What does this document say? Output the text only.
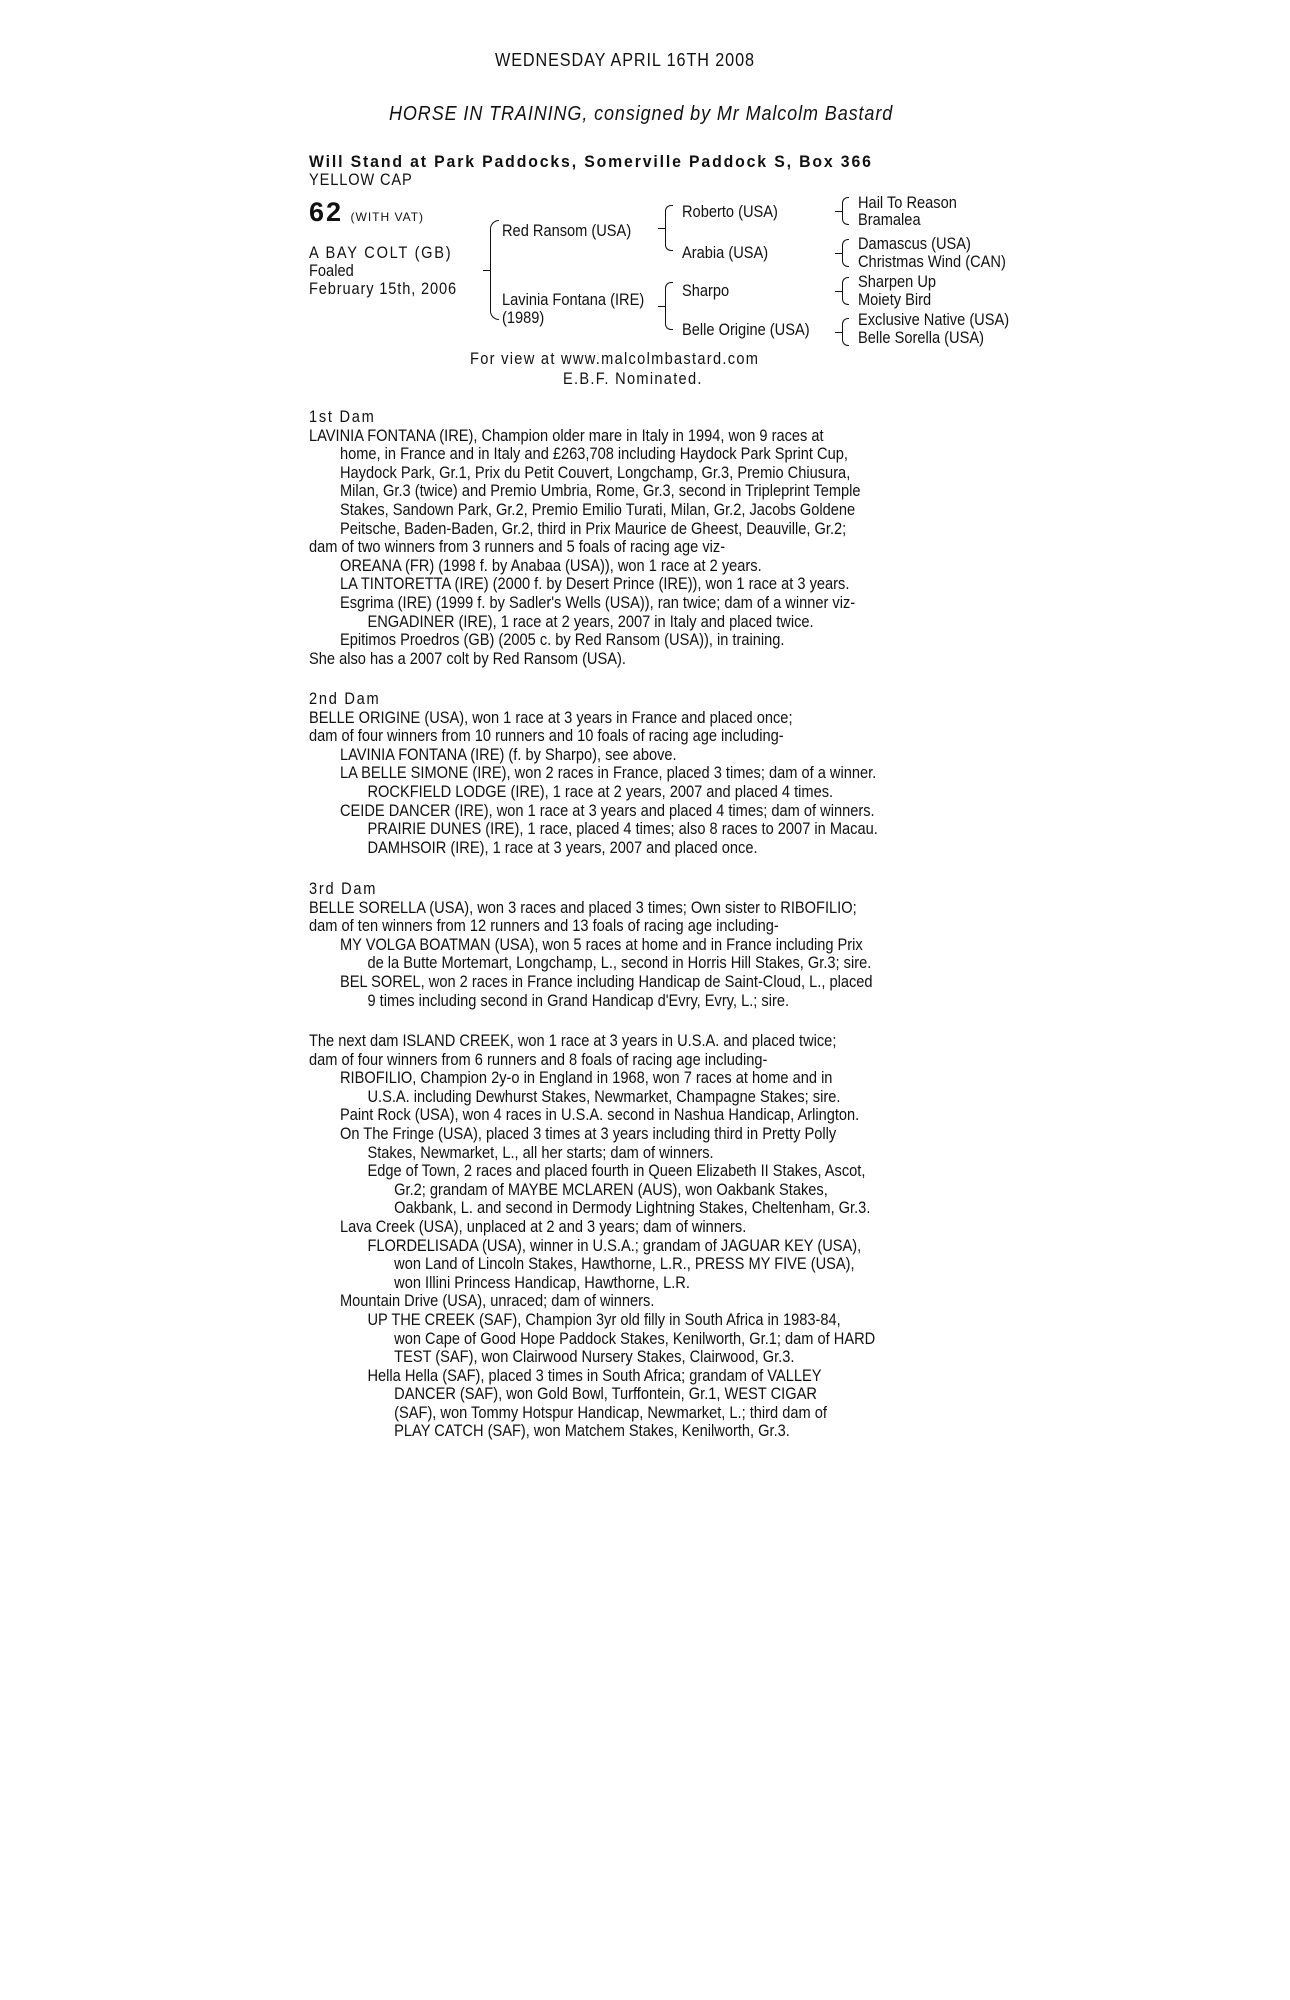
WEDNESDAY APRIL 16TH 2008
HORSE IN TRAINING, consigned by Mr Malcolm Bastard
Will Stand at Park Paddocks, Somerville Paddock S, Box 366
YELLOW CAP
62 (WITH VAT)
A BAY COLT (GB)
Foaled
February 15th, 2006
Red Ransom (USA)
Lavinia Fontana (IRE)
(1989)
Roberto (USA)
Arabia (USA)
Sharpo
Belle Origine (USA)
Hail To Reason
Bramalea
Damascus (USA)
Christmas Wind (CAN)
Sharpen Up
Moiety Bird
Exclusive Native (USA)
Belle Sorella (USA)
For view at www.malcolmbastard.com
E.B.F. Nominated.
1st Dam
LAVINIA FONTANA (IRE), Champion older mare in Italy in 1994, won 9 races at
home, in France and in Italy and £263,708 including Haydock Park Sprint Cup,
Haydock Park, Gr.1, Prix du Petit Couvert, Longchamp, Gr.3, Premio Chiusura,
Milan, Gr.3 (twice) and Premio Umbria, Rome, Gr.3, second in Tripleprint Temple
Stakes, Sandown Park, Gr.2, Premio Emilio Turati, Milan, Gr.2, Jacobs Goldene
Peitsche, Baden-Baden, Gr.2, third in Prix Maurice de Gheest, Deauville, Gr.2;
dam of two winners from 3 runners and 5 foals of racing age viz-
OREANA (FR) (1998 f. by Anabaa (USA)), won 1 race at 2 years.
LA TINTORETTA (IRE) (2000 f. by Desert Prince (IRE)), won 1 race at 3 years.
Esgrima (IRE) (1999 f. by Sadler's Wells (USA)), ran twice; dam of a winner viz-
ENGADINER (IRE), 1 race at 2 years, 2007 in Italy and placed twice.
Epitimos Proedros (GB) (2005 c. by Red Ransom (USA)), in training.
She also has a 2007 colt by Red Ransom (USA).
2nd Dam
BELLE ORIGINE (USA), won 1 race at 3 years in France and placed once;
dam of four winners from 10 runners and 10 foals of racing age including-
LAVINIA FONTANA (IRE) (f. by Sharpo), see above.
LA BELLE SIMONE (IRE), won 2 races in France, placed 3 times; dam of a winner.
ROCKFIELD LODGE (IRE), 1 race at 2 years, 2007 and placed 4 times.
CEIDE DANCER (IRE), won 1 race at 3 years and placed 4 times; dam of winners.
PRAIRIE DUNES (IRE), 1 race, placed 4 times; also 8 races to 2007 in Macau.
DAMHSOIR (IRE), 1 race at 3 years, 2007 and placed once.
3rd Dam
BELLE SORELLA (USA), won 3 races and placed 3 times; Own sister to RIBOFILIO;
dam of ten winners from 12 runners and 13 foals of racing age including-
MY VOLGA BOATMAN (USA), won 5 races at home and in France including Prix
de la Butte Mortemart, Longchamp, L., second in Horris Hill Stakes, Gr.3; sire.
BEL SOREL, won 2 races in France including Handicap de Saint-Cloud, L., placed
9 times including second in Grand Handicap d'Evry, Evry, L.; sire.
The next dam ISLAND CREEK, won 1 race at 3 years in U.S.A. and placed twice;
dam of four winners from 6 runners and 8 foals of racing age including-
RIBOFILIO, Champion 2y-o in England in 1968, won 7 races at home and in
U.S.A. including Dewhurst Stakes, Newmarket, Champagne Stakes; sire.
Paint Rock (USA), won 4 races in U.S.A. second in Nashua Handicap, Arlington.
On The Fringe (USA), placed 3 times at 3 years including third in Pretty Polly
Stakes, Newmarket, L., all her starts; dam of winners.
Edge of Town, 2 races and placed fourth in Queen Elizabeth II Stakes, Ascot,
Gr.2; grandam of MAYBE MCLAREN (AUS), won Oakbank Stakes,
Oakbank, L. and second in Dermody Lightning Stakes, Cheltenham, Gr.3.
Lava Creek (USA), unplaced at 2 and 3 years; dam of winners.
FLORDELISADA (USA), winner in U.S.A.; grandam of JAGUAR KEY (USA),
won Land of Lincoln Stakes, Hawthorne, L.R., PRESS MY FIVE (USA),
won Illini Princess Handicap, Hawthorne, L.R.
Mountain Drive (USA), unraced; dam of winners.
UP THE CREEK (SAF), Champion 3yr old filly in South Africa in 1983-84,
won Cape of Good Hope Paddock Stakes, Kenilworth, Gr.1; dam of HARD
TEST (SAF), won Clairwood Nursery Stakes, Clairwood, Gr.3.
Hella Hella (SAF), placed 3 times in South Africa; grandam of VALLEY
DANCER (SAF), won Gold Bowl, Turffontein, Gr.1, WEST CIGAR
(SAF), won Tommy Hotspur Handicap, Newmarket, L.; third dam of
PLAY CATCH (SAF), won Matchem Stakes, Kenilworth, Gr.3.
